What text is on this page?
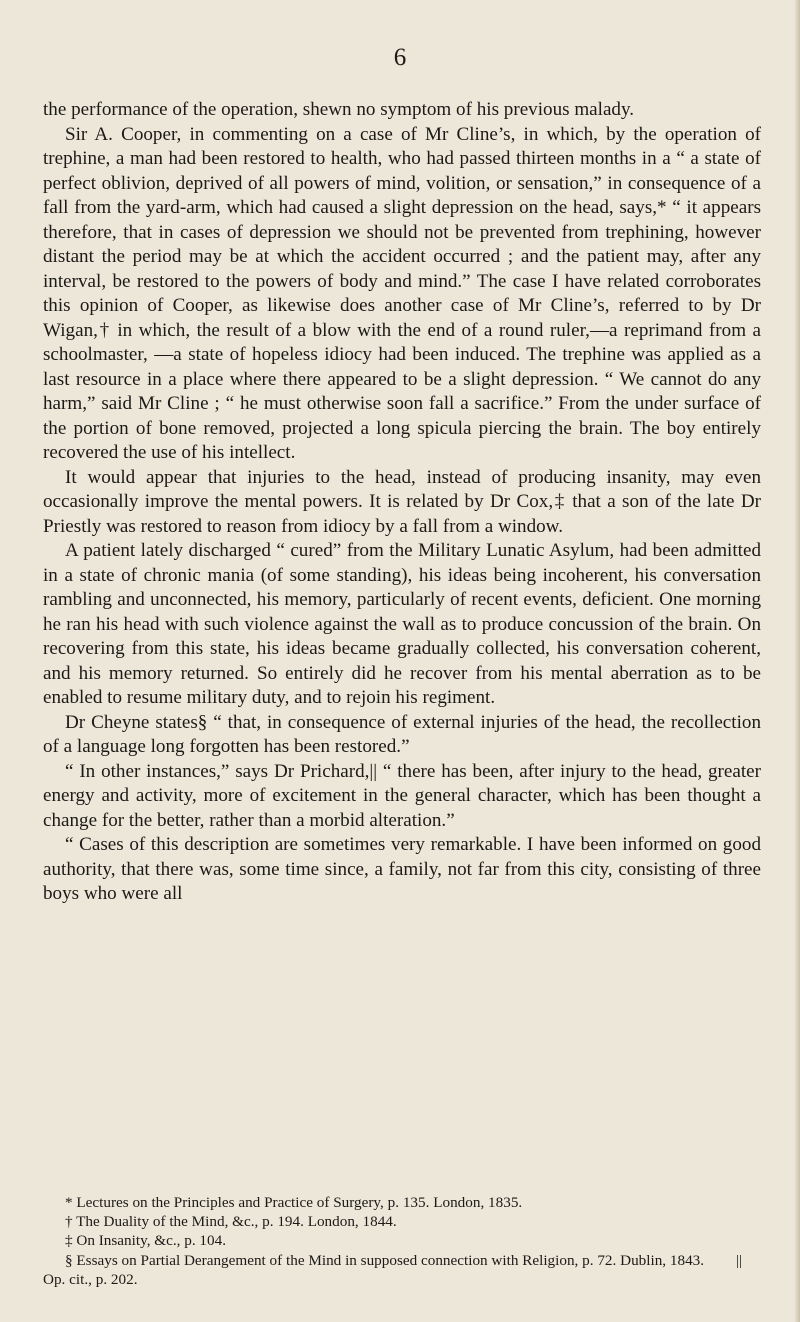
6

the performance of the operation, shewn no symptom of his previous malady.

Sir A. Cooper, in commenting on a case of Mr Cline’s, in which, by the operation of trephine, a man had been restored to health, who had passed thirteen months in a “ a state of perfect oblivion, deprived of all powers of mind, volition, or sensation,” in consequence of a fall from the yard-arm, which had caused a slight depression on the head, says,* “ it appears therefore, that in cases of depression we should not be prevented from trephining, however distant the period may be at which the accident occurred ; and the patient may, after any interval, be restored to the powers of body and mind.” The case I have related corroborates this opinion of Cooper, as likewise does another case of Mr Cline’s, referred to by Dr Wigan,† in which, the result of a blow with the end of a round ruler,—a reprimand from a schoolmaster, —a state of hopeless idiocy had been induced. The trephine was applied as a last resource in a place where there appeared to be a slight depression. “ We cannot do any harm,” said Mr Cline ; “ he must otherwise soon fall a sacrifice.” From the under surface of the portion of bone removed, projected a long spicula piercing the brain. The boy entirely recovered the use of his intellect.

It would appear that injuries to the head, instead of producing insanity, may even occasionally improve the mental powers. It is related by Dr Cox,‡ that a son of the late Dr Priestly was restored to reason from idiocy by a fall from a window.

A patient lately discharged “ cured” from the Military Lunatic Asylum, had been admitted in a state of chronic mania (of some standing), his ideas being incoherent, his conversation rambling and unconnected, his memory, particularly of recent events, deficient. One morning he ran his head with such violence against the wall as to produce concussion of the brain. On recovering from this state, his ideas became gradually collected, his conversation coherent, and his memory returned. So entirely did he recover from his mental aberration as to be enabled to resume military duty, and to rejoin his regiment.

Dr Cheyne states§ “ that, in consequence of external injuries of the head, the recollection of a language long forgotten has been restored.”

“ In other instances,” says Dr Prichard,|| “ there has been, after injury to the head, greater energy and activity, more of excitement in the general character, which has been thought a change for the better, rather than a morbid alteration.”

“ Cases of this description are sometimes very remarkable. I have been informed on good authority, that there was, some time since, a family, not far from this city, consisting of three boys who were all

* Lectures on the Principles and Practice of Surgery, p. 135. London, 1835.

† The Duality of the Mind, &c., p. 194. London, 1844.

‡ On Insanity, &c., p. 104.

§ Essays on Partial Derangement of the Mind in supposed connection with Religion, p. 72. Dublin, 1843. || Op. cit., p. 202.
